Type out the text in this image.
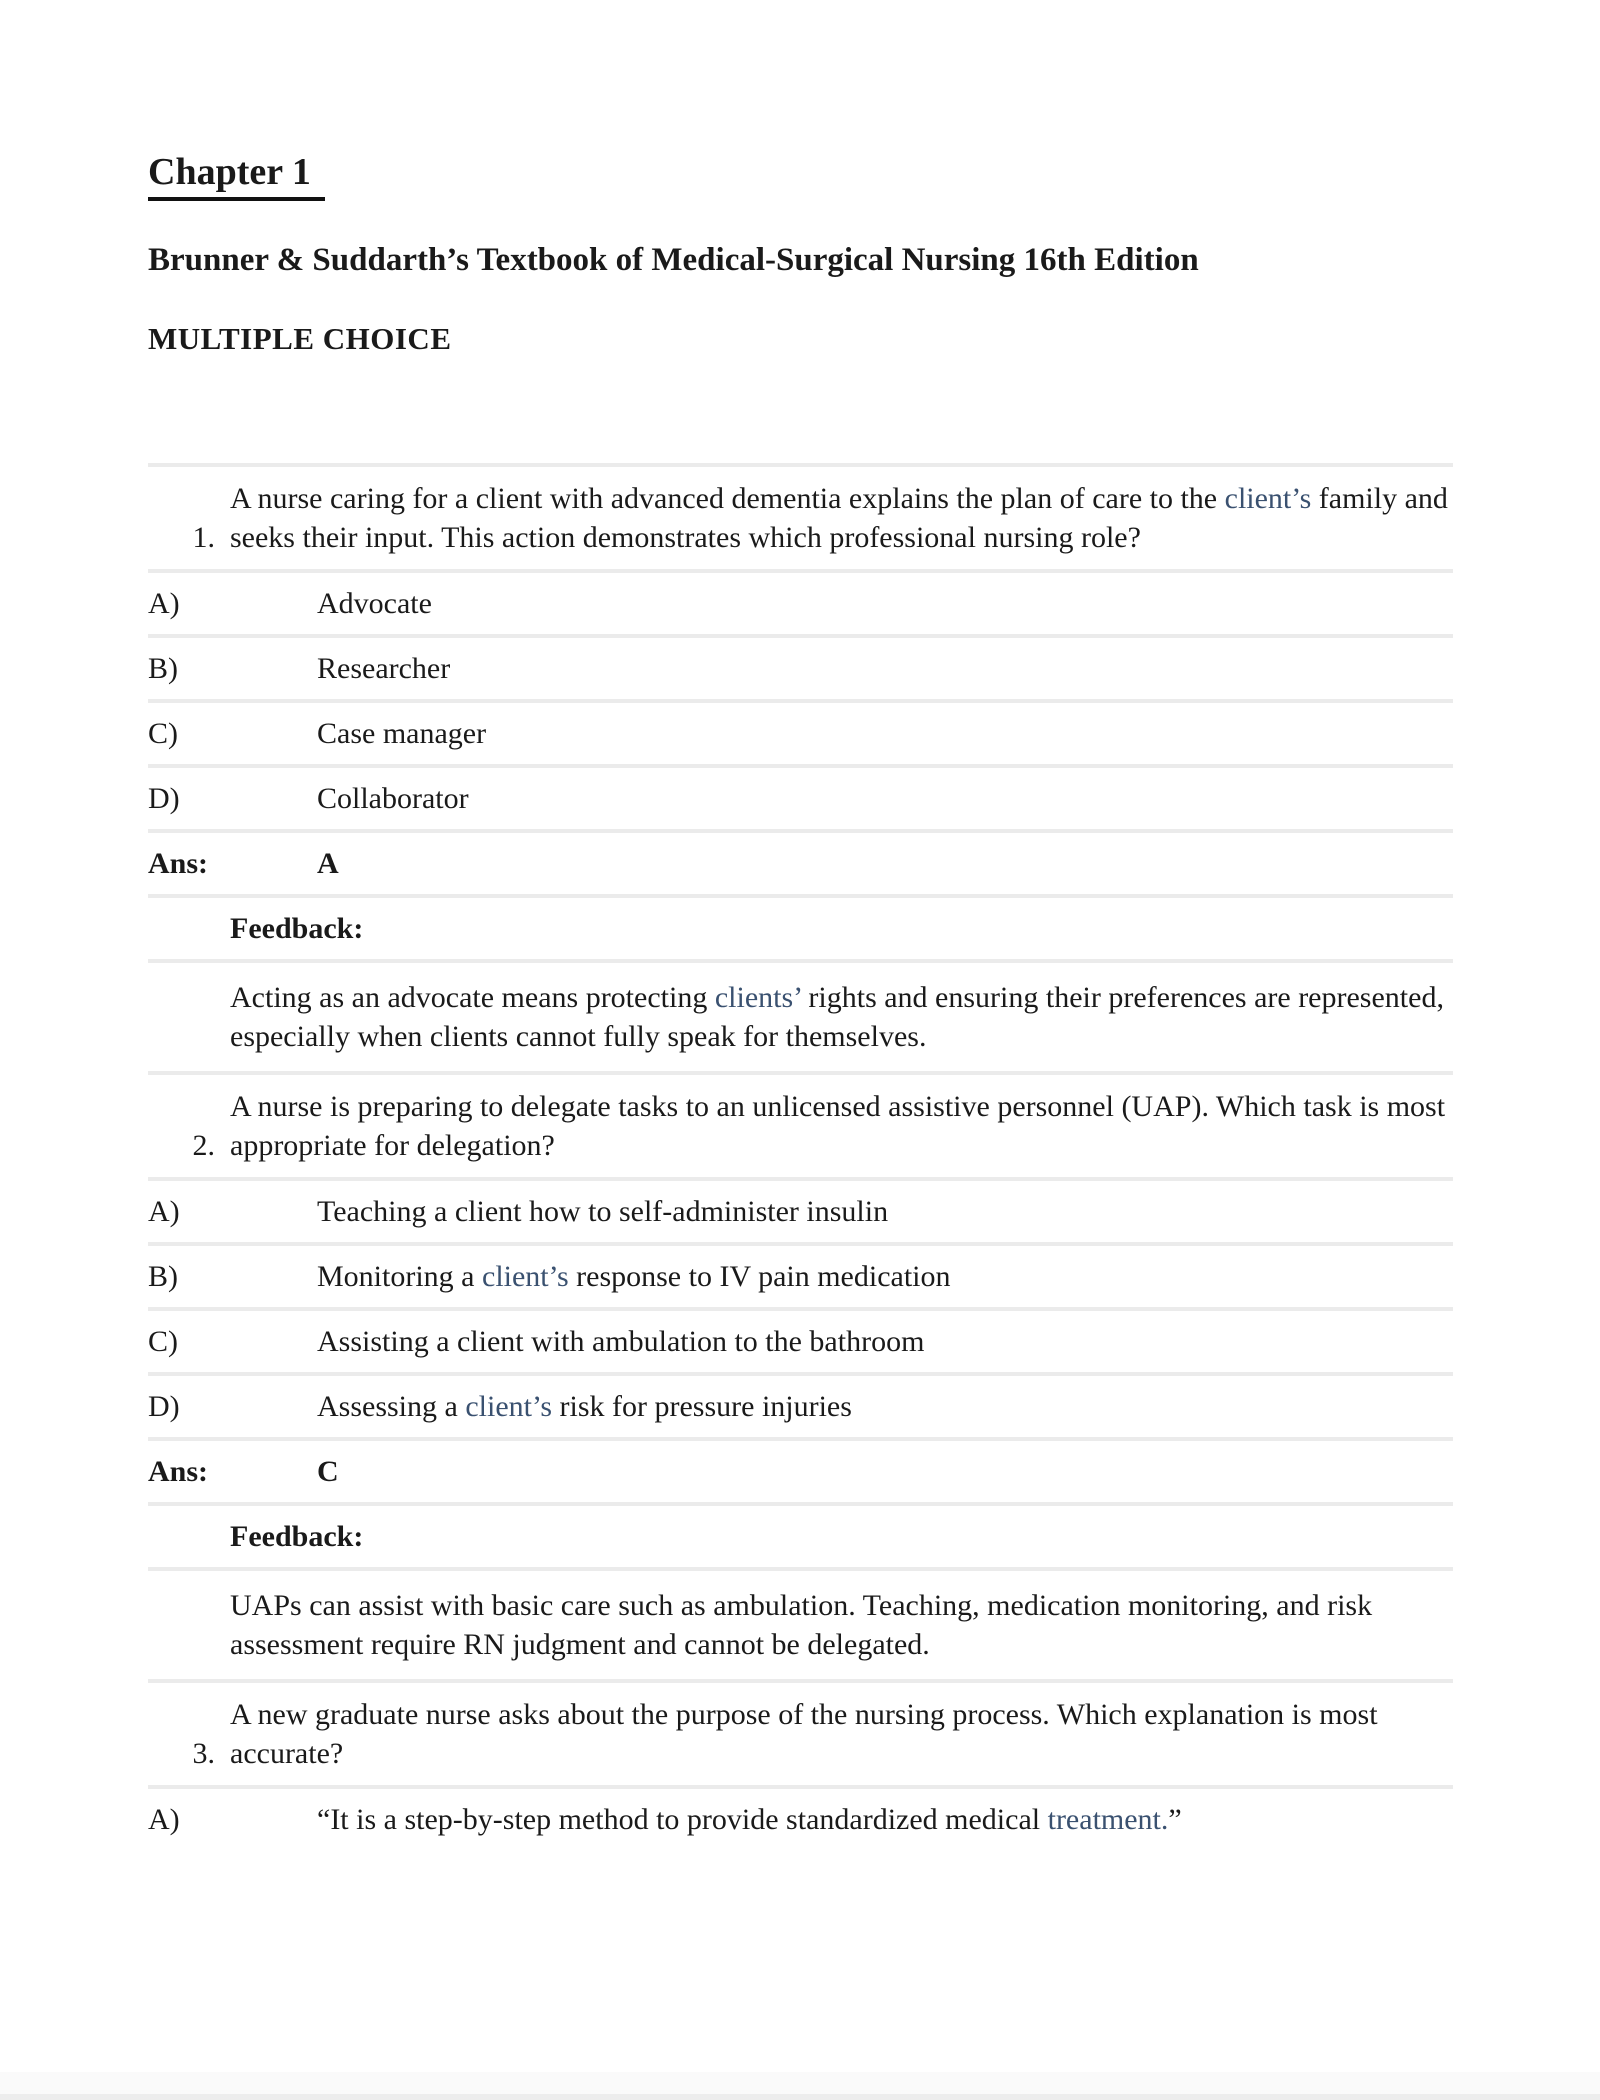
Chapter 1
Brunner & Suddarth’s Textbook of Medical-Surgical Nursing 16th Edition
MULTIPLE CHOICE
1.
A nurse caring for a client with advanced dementia explains the plan of care to the client’s family and seeks their input. This action demonstrates which professional nursing role?
A)	Advocate
B)	Researcher
C)	Case manager
D)	Collaborator
Ans:	A
Feedback:
Acting as an advocate means protecting clients’ rights and ensuring their preferences are represented, especially when clients cannot fully speak for themselves.
2.
A nurse is preparing to delegate tasks to an unlicensed assistive personnel (UAP). Which task is most appropriate for delegation?
A)	Teaching a client how to self-administer insulin
B)	Monitoring a client’s response to IV pain medication
C)	Assisting a client with ambulation to the bathroom
D)	Assessing a client’s risk for pressure injuries
Ans:	C
Feedback:
UAPs can assist with basic care such as ambulation. Teaching, medication monitoring, and risk assessment require RN judgment and cannot be delegated.
3.
A new graduate nurse asks about the purpose of the nursing process. Which explanation is most accurate?
A)	“It is a step-by-step method to provide standardized medical treatment.”
